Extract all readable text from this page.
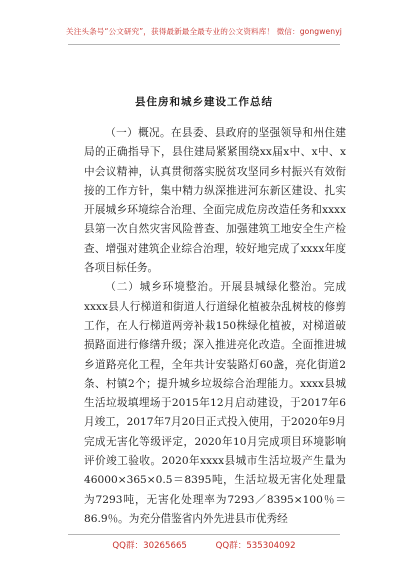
关注头条号“公文研究”，获得最新最全最专业的公文资料库！ 微信：gongwenyj
县住房和城乡建设工作总结

（一）概况。在县委、县政府的坚强领导和州住建局的正确指导下，县住建局紧紧围绕xx届x中、x中、x中会议精神，认真贯彻落实脱贫攻坚同乡村振兴有效衔接的工作方针，集中精力纵深推进河东新区建设、扎实开展城乡环境综合治理、全面完成危房改造任务和xxxx县第一次自然灾害风险普查、加强建筑工地安全生产检查、增强对建筑企业综合治理，较好地完成了xxxx年度各项目标任务。

（二）城乡环境整治。开展县城绿化整治。完成xxxx县人行梯道和街道人行道绿化植被杂乱树枝的修剪工作，在人行梯道两旁补栽150株绿化植被，对梯道破损路面进行修缮升级；深入推进亮化改造。全面推进城乡道路亮化工程，全年共计安装路灯60盏，亮化街道2条、村镇2个；提升城乡垃圾综合治理能力。xxxx县城生活垃圾填埋场于2015年12月启动建设，于2017年6月竣工，2017年7月20日正式投入使用，于2020年9月完成无害化等级评定，2020年10月完成项目环境影响评价竣工验收。2020年xxxx县城市生活垃圾产生量为46000×365×0.5＝8395吨，生活垃圾无害化处理量为7293吨，无害化处理率为7293／8395×100％＝86.9％。为充分借鉴省内外先进县市优秀经

QQ群：30265665	QQ群：535304092
